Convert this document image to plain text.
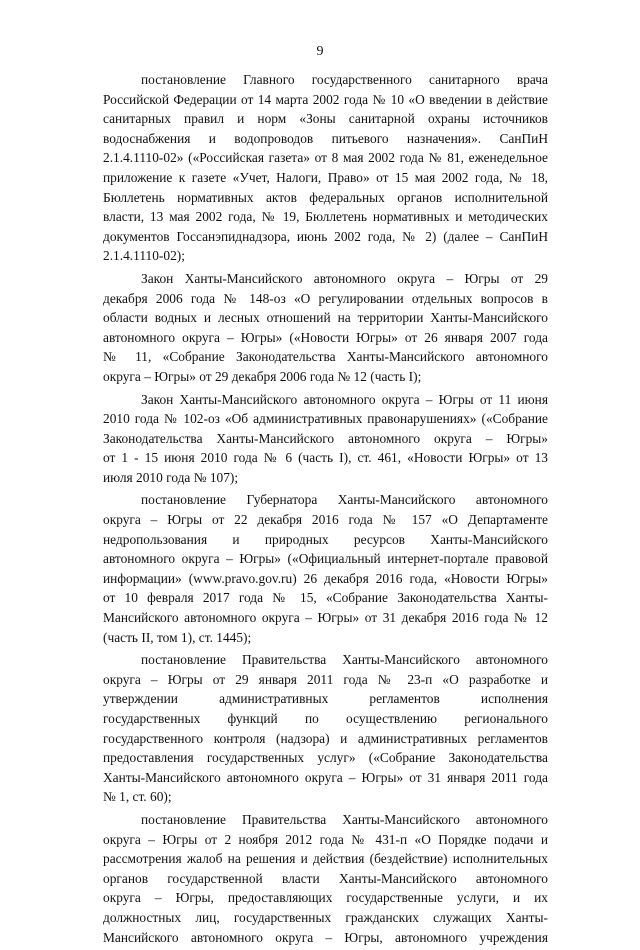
9
постановление Главного государственного санитарного врача
Российской Федерации от 14 марта 2002 года № 10 «О введении в действие
санитарных правил и норм «Зоны санитарной охраны источников
водоснабжения и водопроводов питьевого назначения». СанПиН
2.1.4.1110-02» («Российская газета» от 8 мая 2002 года № 81, еженедельное
приложение к газете «Учет, Налоги, Право» от 15 мая 2002 года, № 18,
Бюллетень нормативных актов федеральных органов исполнительной
власти, 13 мая 2002 года, № 19, Бюллетень нормативных и методических
документов Госсанэпиднадзора, июнь 2002 года, № 2) (далее – СанПиН
2.1.4.1110-02);
Закон Ханты-Мансийского автономного округа – Югры от 29
декабря 2006 года № 148-оз «О регулировании отдельных вопросов в
области водных и лесных отношений на территории Ханты-Мансийского
автономного округа – Югры» («Новости Югры» от 26 января 2007 года
№ 11, «Собрание Законодательства Ханты-Мансийского автономного
округа – Югры» от 29 декабря 2006 года № 12 (часть I);
Закон Ханты-Мансийского автономного округа – Югры от 11 июня
2010 года № 102-оз «Об административных правонарушениях» («Собрание
Законодательства Ханты-Мансийского автономного округа – Югры»
от 1 - 15 июня 2010 года № 6 (часть I), ст. 461, «Новости Югры» от 13
июля 2010 года № 107);
постановление Губернатора Ханты-Мансийского автономного
округа – Югры от 22 декабря 2016 года № 157 «О Департаменте
недропользования и природных ресурсов Ханты-Мансийского
автономного округа – Югры» («Официальный интернет-портале правовой
информации» (www.pravo.gov.ru) 26 декабря 2016 года, «Новости Югры»
от 10 февраля 2017 года № 15, «Собрание Законодательства Ханты-
Мансийского автономного округа – Югры» от 31 декабря 2016 года № 12
(часть II, том 1), ст. 1445);
постановление Правительства Ханты-Мансийского автономного
округа – Югры от 29 января 2011 года № 23-п «О разработке и
утверждении административных регламентов исполнения
государственных функций по осуществлению регионального
государственного контроля (надзора) и административных регламентов
предоставления государственных услуг» («Собрание Законодательства
Ханты-Мансийского автономного округа – Югры» от 31 января 2011 года
№ 1, ст. 60);
постановление Правительства Ханты-Мансийского автономного
округа – Югры от 2 ноября 2012 года № 431-п «О Порядке подачи и
рассмотрения жалоб на решения и действия (бездействие) исполнительных
органов государственной власти Ханты-Мансийского автономного
округа – Югры, предоставляющих государственные услуги, и их
должностных лиц, государственных гражданских служащих Ханты-
Мансийского автономного округа – Югры, автономного учреждения
